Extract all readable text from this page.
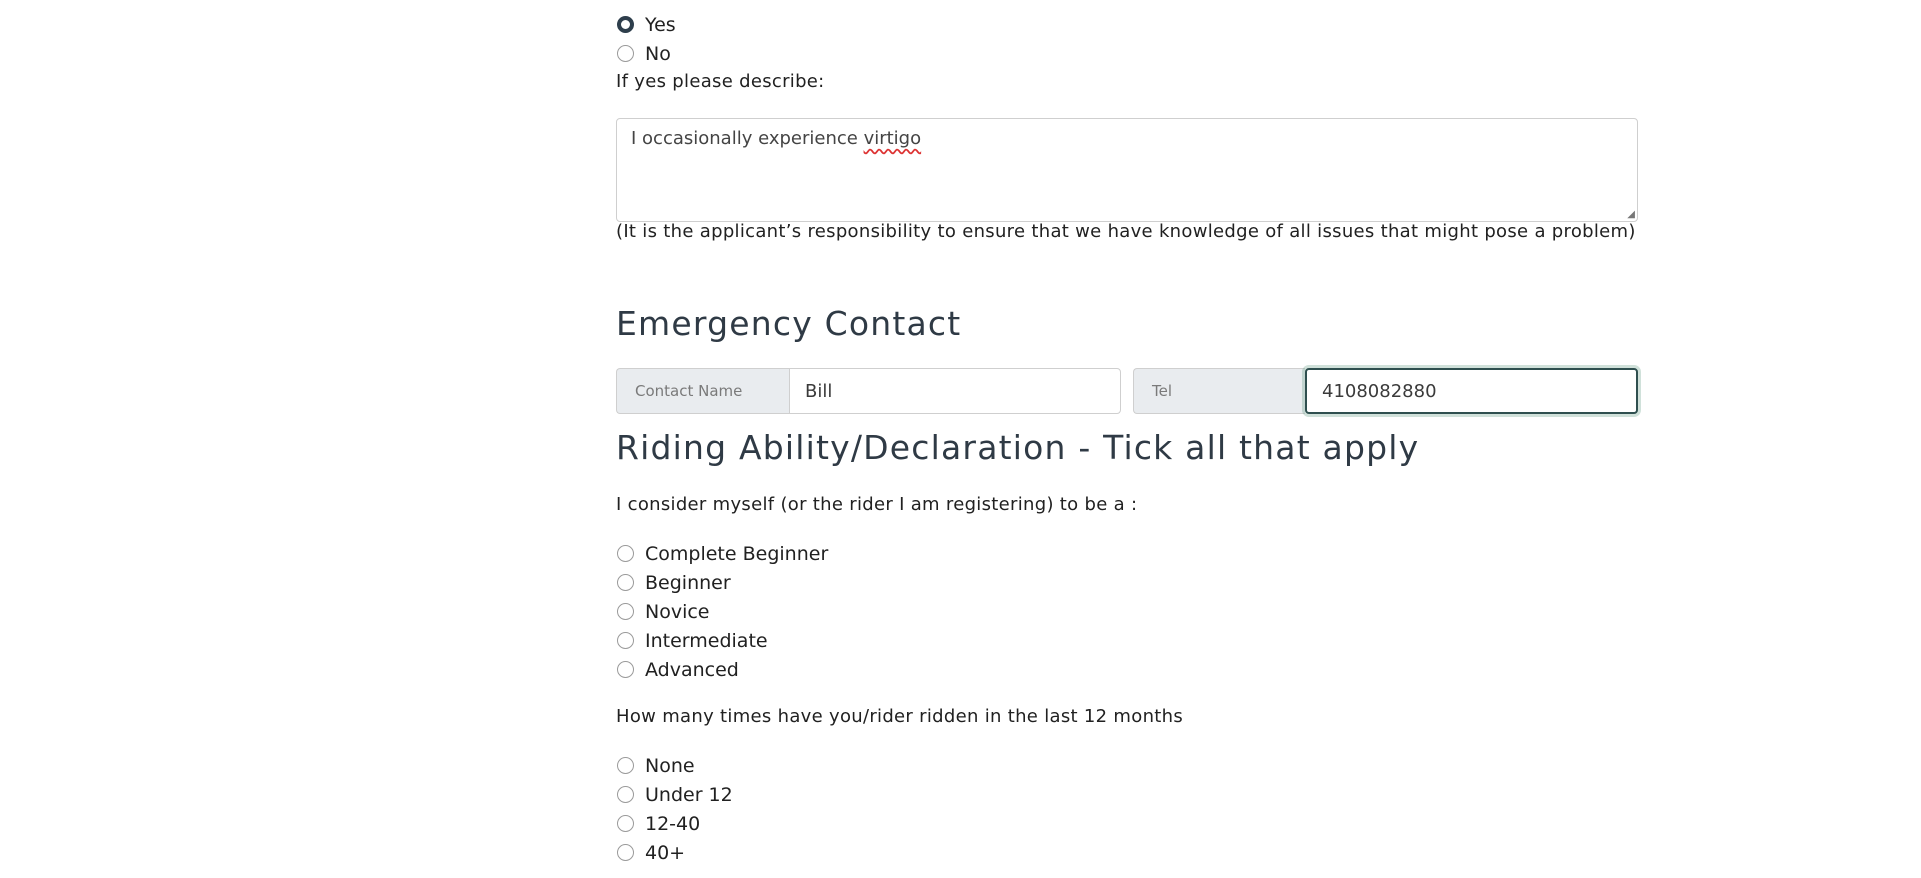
Yes
No
If yes please describe:
I occasionally experience virtigo
◢
(It is the applicant’s responsibility to ensure that we have knowledge of all issues that might pose a problem)
Emergency Contact
Contact Name	Bill	Tel	4108082880
Riding Ability/Declaration - Tick all that apply
I consider myself (or the rider I am registering) to be a :
Complete Beginner
Beginner
Novice
Intermediate
Advanced
How many times have you/rider ridden in the last 12 months
None
Under 12
12-40
40+
